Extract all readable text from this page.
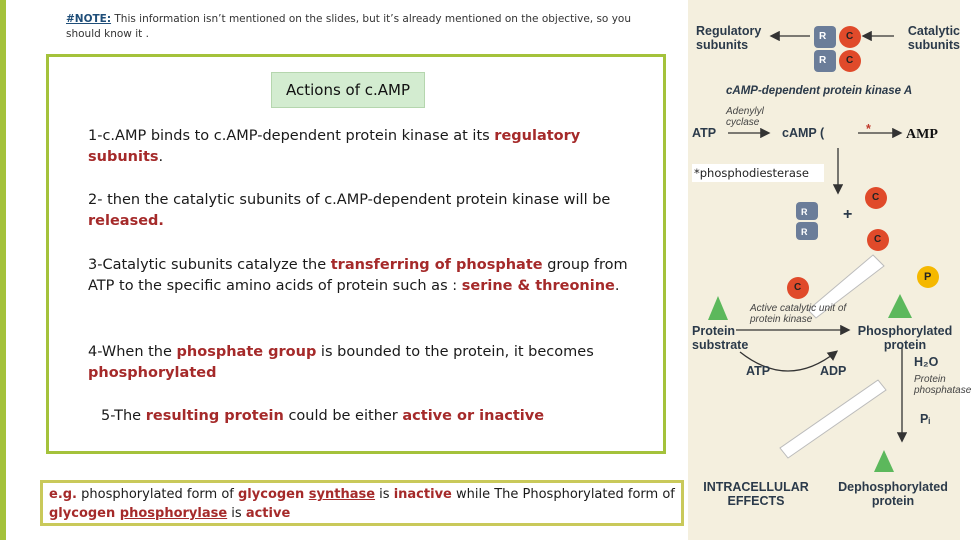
#NOTE: This information isn’t mentioned on the slides, but it’s already mentioned on the objective, so you should know it .
Actions of c.AMP
1-c.AMP binds to c.AMP-dependent protein kinase at its regulatory subunits.
2- then the catalytic subunits of c.AMP-dependent protein kinase will be released.
3-Catalytic subunits catalyze the transferring of phosphate group from ATP to the specific amino acids of protein such as : serine & threonine.
4-When the phosphate group is bounded to the protein, it becomes phosphorylated
5-The resulting protein could be either active or inactive
e.g. phosphorylated form of glycogen synthase is inactive while The Phosphorylated form of glycogen phosphorylase is active
Regulatory subunits
Catalytic subunits
R
R
C
C
cAMP-dependent protein kinase A
Adenylyl cyclase
ATP	cAMP (	*	AMP
R
R
+
C
C
C
P
Active catalytic unit of protein kinase
Protein substrate
Phosphorylated protein
ATP	ADP
H₂O
Protein phosphatase
Pᵢ
INTRACELLULAR EFFECTS
Dephosphorylated protein
*phosphodiesterase
